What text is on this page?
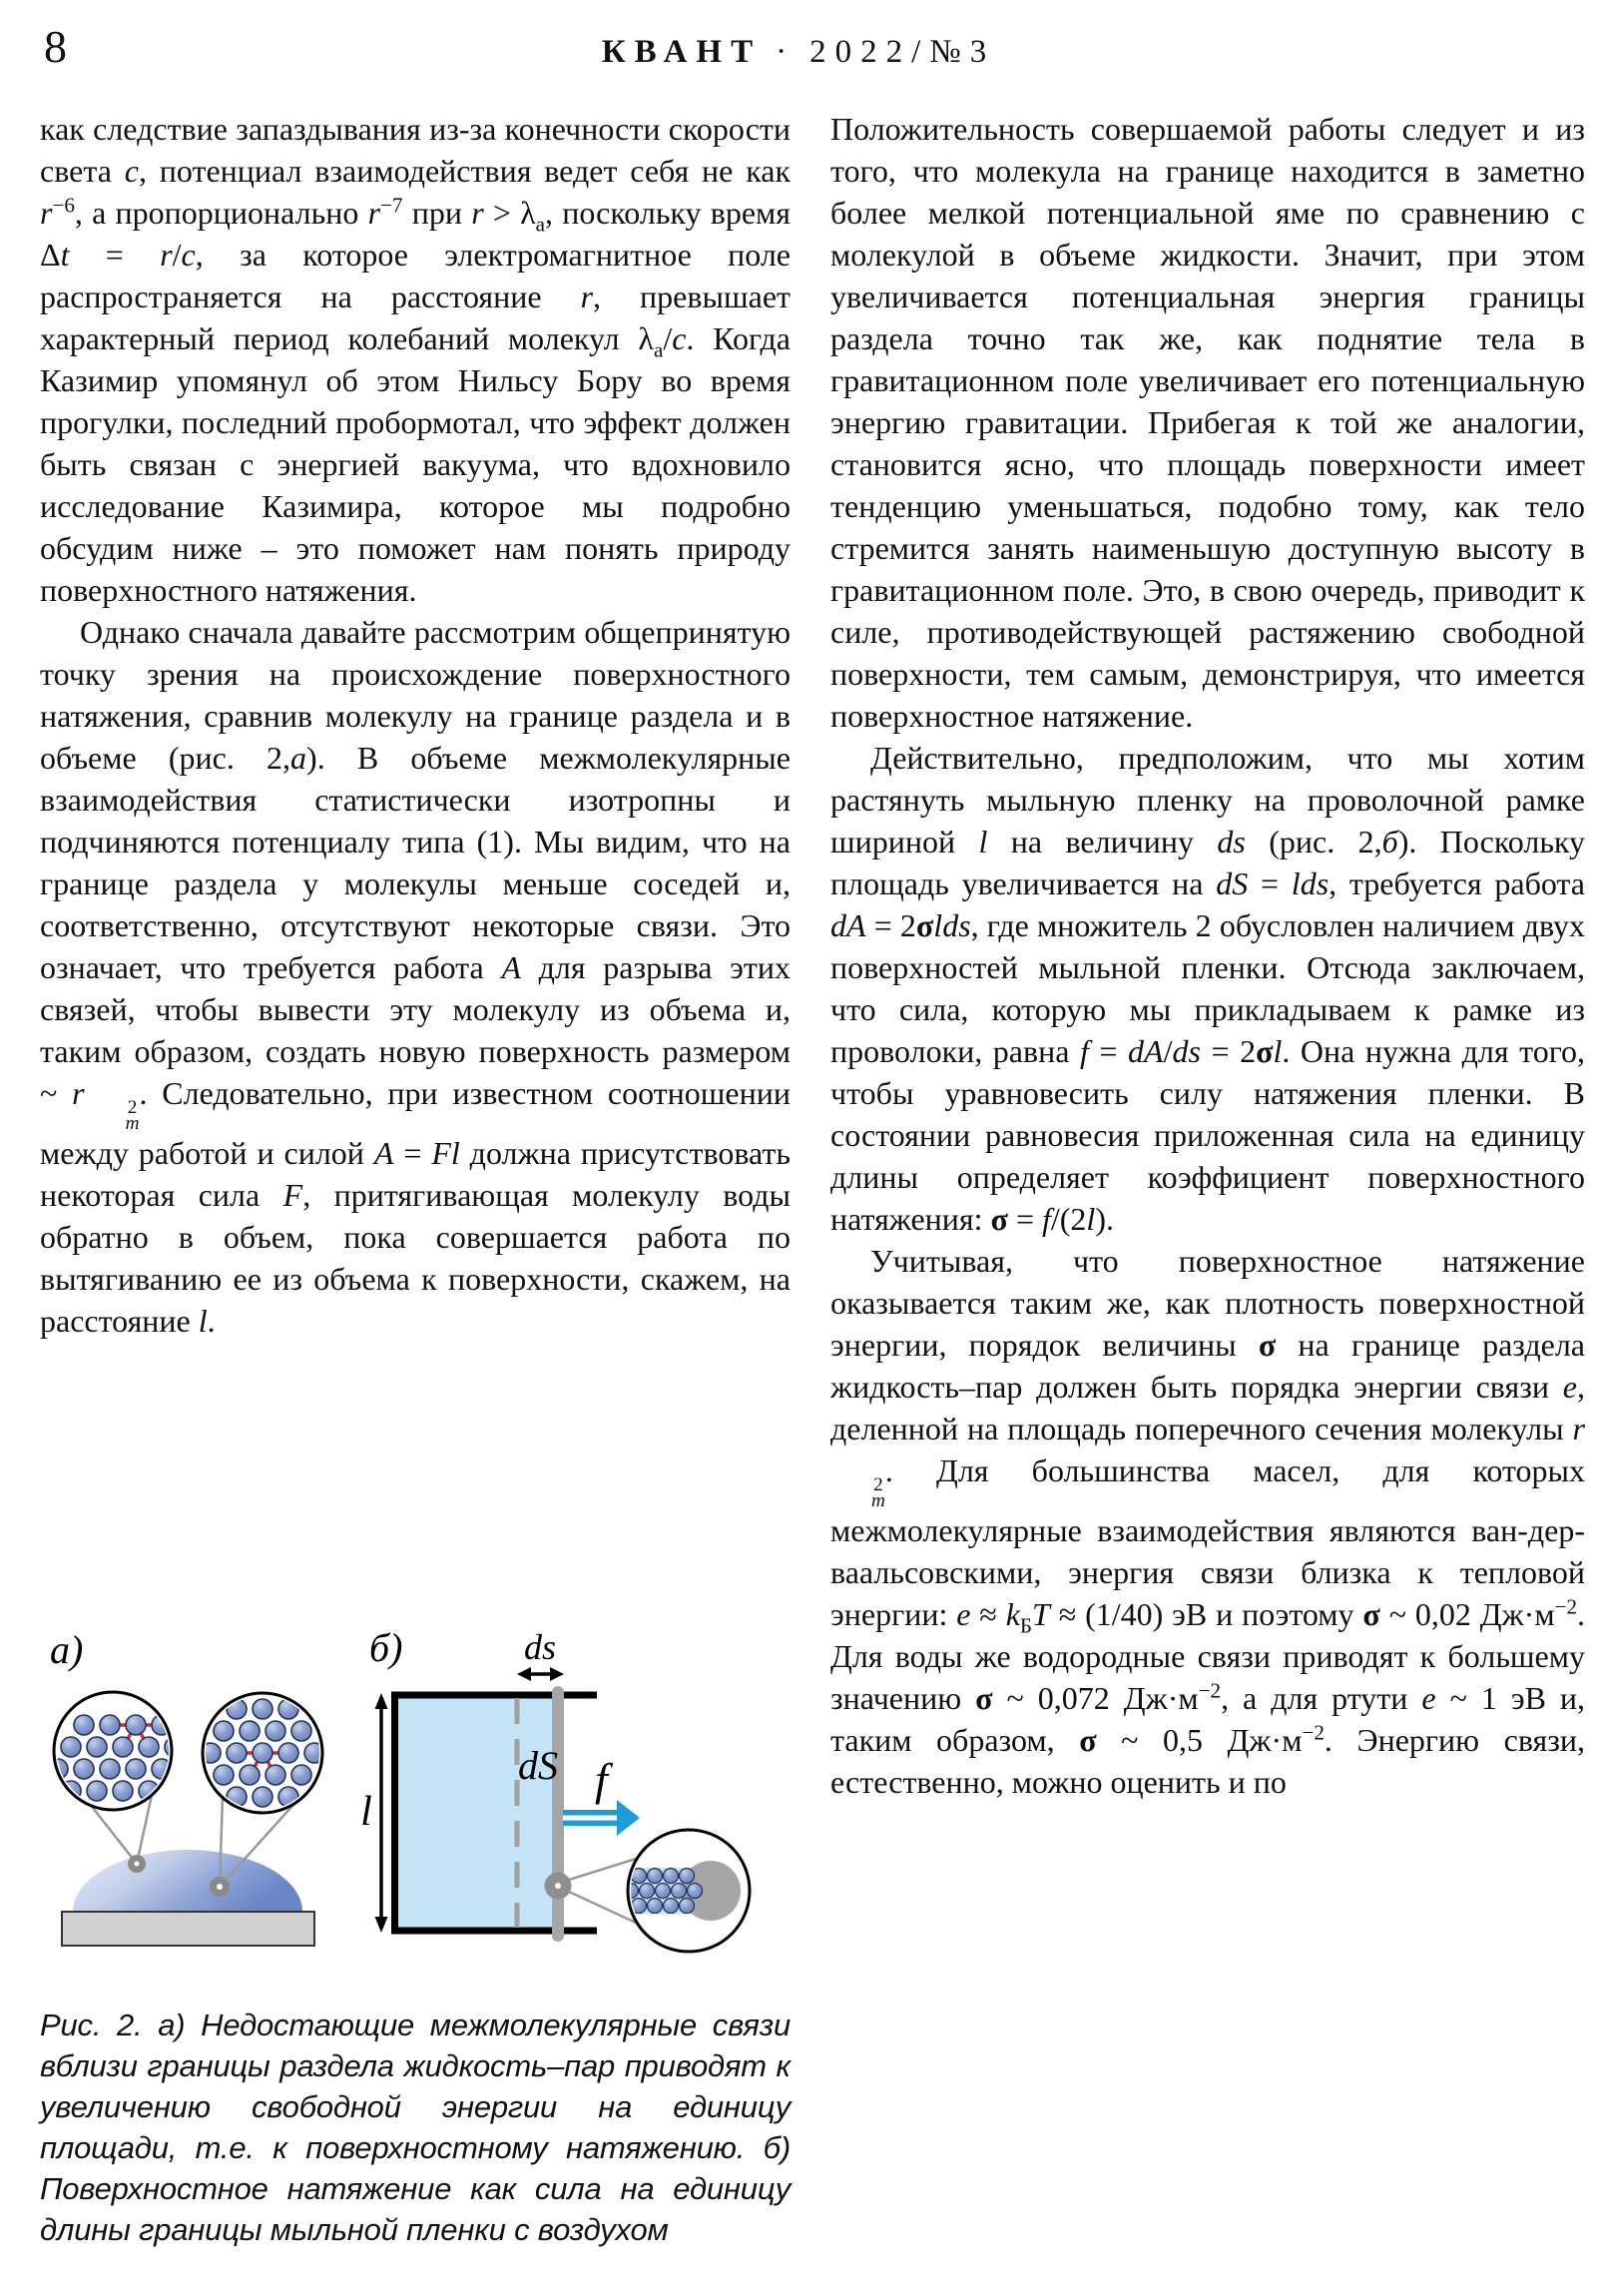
8	КВАНТ · 2022/№3

как следствие запаздывания из-за конечности скорости света c, потенциал взаимодействия ведет себя не как $r^{-6}$, а пропорционально $r^{-7}$ при $r > \lambda_a$, поскольку время Δt = r/c, за которое электромагнитное поле распространяется на расстояние r, превышает характерный период колебаний молекул $\lambda_a/c$. Когда Казимир упомянул об этом Нильсу Бору во время прогулки, последний пробормотал, что эффект должен быть связан с энергией вакуума, что вдохновило исследование Казимира, которое мы подробно обсудим ниже – это поможет нам понять природу поверхностного натяжения.

Однако сначала давайте рассмотрим общепринятую точку зрения на происхождение поверхностного натяжения, сравнив молекулу на границе раздела и в объеме (рис. 2,а). В объеме межмолекулярные взаимодействия статистически изотропны и подчиняются потенциалу типа (1). Мы видим, что на границе раздела у молекулы меньше соседей и, соответственно, отсутствуют некоторые связи. Это означает, что требуется работа A для разрыва этих связей, чтобы вывести эту молекулу из объема и, таким образом, создать новую поверхность размером ~ r	2
m
. Следовательно, при известном соотношении между работой и силой A = Fl должна присутствовать некоторая сила F, притягивающая молекулу воды обратно в объем, пока совершается работа по вытягиванию ее из объема к поверхности, скажем, на расстояние l.

Положительность совершаемой работы следует и из того, что молекула на границе находится в заметно более мелкой потенциальной яме по сравнению с молекулой в объеме жидкости. Значит, при этом увеличивается потенциальная энергия границы раздела точно так же, как поднятие тела в гравитационном поле увеличивает его потенциальную энергию гравитации. Прибегая к той же аналогии, становится ясно, что площадь поверхности имеет тенденцию уменьшаться, подобно тому, как тело стремится занять наименьшую доступную высоту в гравитационном поле. Это, в свою очередь, приводит к силе, противодействующей растяжению свободной поверхности, тем самым, демонстрируя, что имеется поверхностное натяжение.

Действительно, предположим, что мы хотим растянуть мыльную пленку на проволочной рамке шириной l на величину ds (рис. 2,б). Поскольку площадь увеличивается на dS = lds, требуется работа dA = 2σlds, где множитель 2 обусловлен наличием двух поверхностей мыльной пленки. Отсюда заключаем, что сила, которую мы прикладываем к рамке из проволоки, равна f = dA/ds = 2σl. Она нужна для того, чтобы уравновесить силу натяжения пленки. В состоянии равновесия приложенная сила на единицу длины определяет коэффициент поверхностного натяжения: σ = f/(2l).

Учитывая, что поверхностное натяжение оказывается таким же, как плотность поверхностной энергии, порядок величины σ на границе раздела жидкость–пар должен быть порядка энергии связи e, деленной на площадь поперечного сечения молекулы r
2
m
. Для большинства масел, для которых межмолекулярные взаимодействия являются ван-дер-ваальсовскими, энергия связи близка к тепловой энергии: $e \approx k_БT \approx (1/40)$ эВ и поэтому σ ~ 0,02 $Дж\cdot м^{-2}$. Для воды же водородные связи приводят к большему значению σ ~ 0,072 $Дж\cdot м^{-2}$, а для ртути e ~ 1 эВ и, таким образом, σ ~ 0,5 $Дж\cdot м^{-2}$. Энергию связи, естественно, можно оценить и по

а)	б)	ds
l
dS f
Рис. 2. а) Недостающие межмолекулярные связи вблизи границы раздела жидкость–пар приводят к увеличению свободной энергии на единицу площади, т.е. к поверхностному натяжению. б) Поверхностное натяжение как сила на единицу длины границы мыльной пленки с воздухом
